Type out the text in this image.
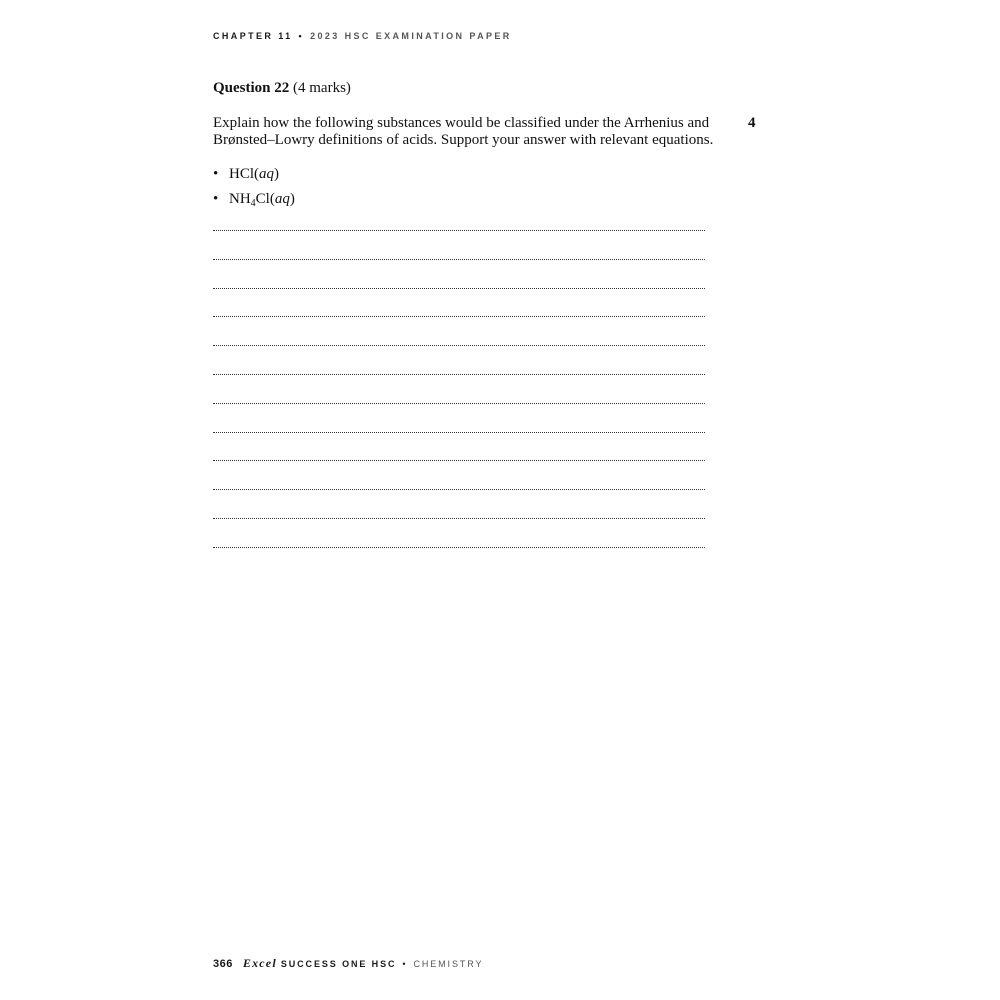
CHAPTER 11 • 2023 HSC EXAMINATION PAPER
Question 22 (4 marks)
Explain how the following substances would be classified under the Arrhenius and
Brønsted–Lowry definitions of acids. Support your answer with relevant equations.
4
• HCl(aq)
• $NH_4Cl(aq)$
366 Excel SUCCESS ONE HSC • CHEMISTRY
